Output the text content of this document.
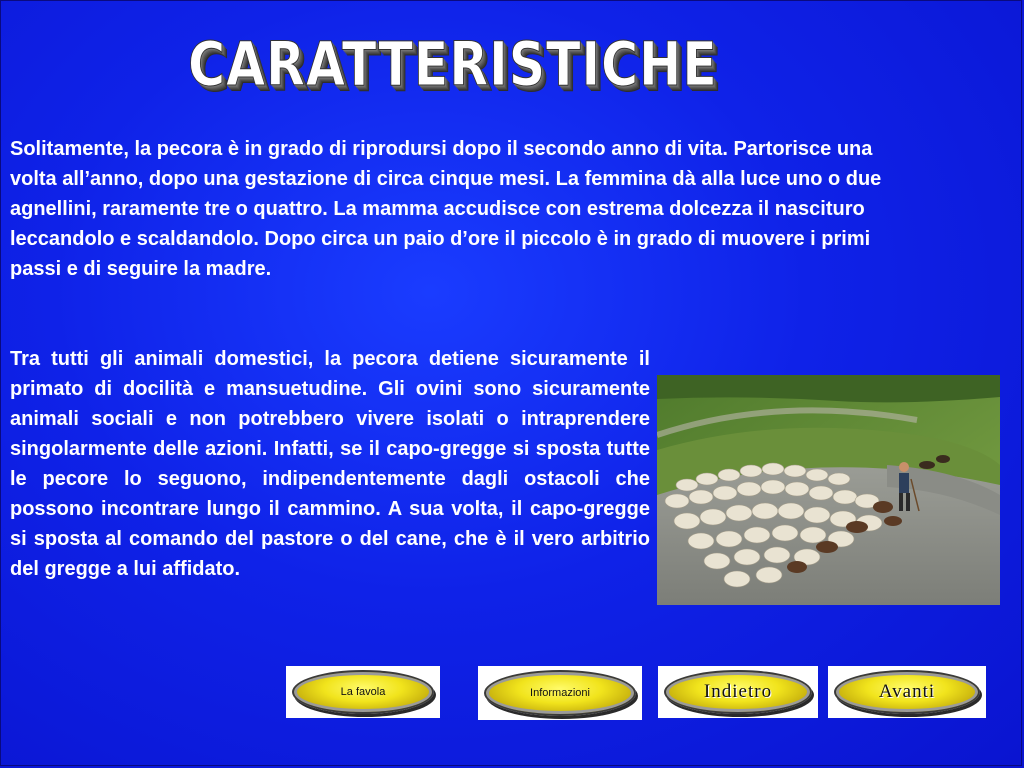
CARATTERISTICHE
Solitamente, la pecora è in grado di riprodursi dopo il secondo anno di vita. Partorisce una volta all’anno, dopo una gestazione di circa cinque mesi. La femmina dà alla luce uno o due agnellini, raramente tre o quattro. La mamma accudisce con estrema dolcezza il nascituro leccandolo e scaldandolo. Dopo circa un paio d’ore il piccolo è in grado di muovere i primi passi e di seguire la madre.
Tra tutti gli animali domestici, la pecora detiene sicuramente il primato di docilità e mansuetudine. Gli ovini sono sicuramente animali sociali e non potrebbero vivere isolati o intraprendere singolarmente delle azioni. Infatti, se il capo-gregge si sposta tutte le pecore lo seguono, indipendentemente dagli ostacoli che possono incontrare lungo il cammino. A sua volta, il capo-gregge si sposta al comando del pastore o del cane, che è il vero arbitrio del gregge a lui affidato.
La favola	Informazioni	Indietro	Avanti
